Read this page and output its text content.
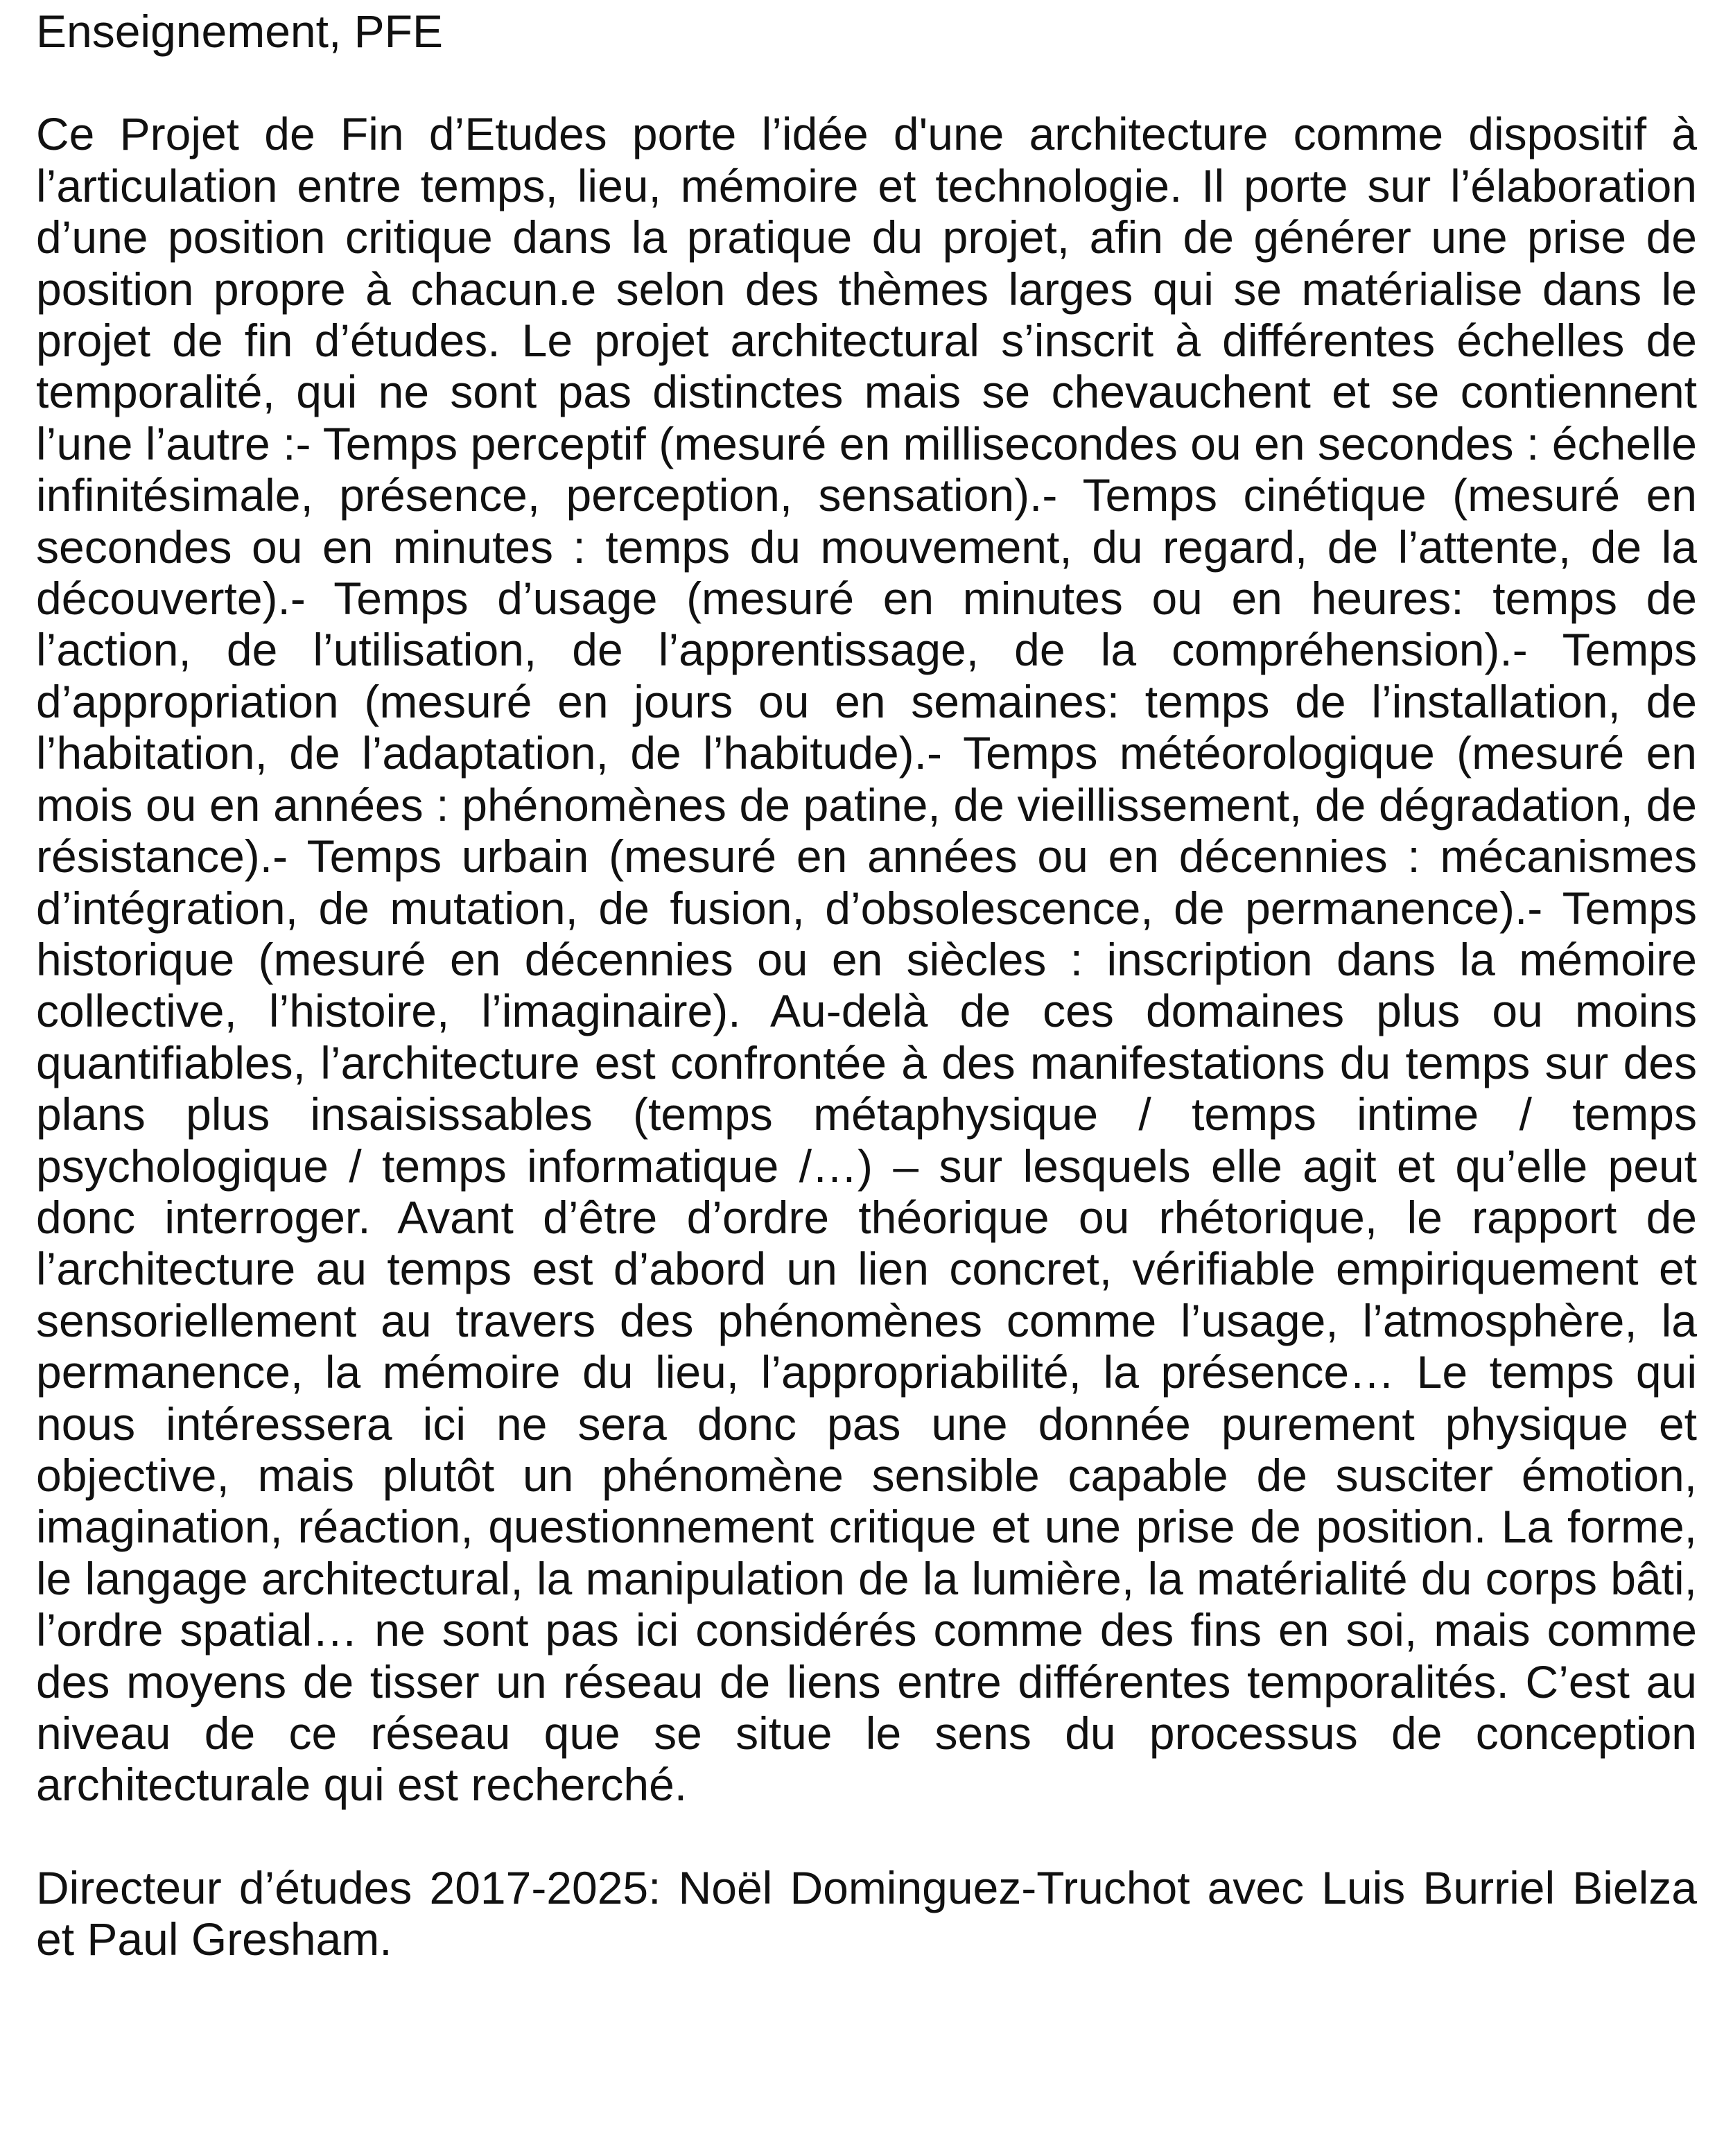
Enseignement, PFE

Ce Projet de Fin d’Etudes porte l’idée d'une architecture comme dispositif à l’articulation entre temps, lieu, mémoire et technologie. Il porte sur l’élaboration d’une position critique dans la pratique du projet, afin de générer une prise de position propre à chacun.e selon des thèmes larges qui se matérialise dans le projet de fin d’études. Le projet architectural s’inscrit à différentes échelles de temporalité, qui ne sont pas distinctes mais se chevauchent et se contiennent l’une l’autre :- Temps perceptif (mesuré en millisecondes ou en secondes : échelle infinitésimale, présence, perception, sensation).- Temps cinétique (mesuré en secondes ou en minutes : temps du mouvement, du regard, de l’attente, de la découverte).- Temps d’usage (mesuré en minutes ou en heures: temps de l’action, de l’utilisation, de l’apprentissage, de la compréhension).- Temps d’appropriation (mesuré en jours ou en semaines: temps de l’installation, de l’habitation, de l’adaptation, de l’habitude).- Temps météorologique (mesuré en mois ou en années : phénomènes de patine, de vieillissement, de dégradation, de résistance).- Temps urbain (mesuré en années ou en décennies : mécanismes d’intégration, de mutation, de fusion, d’obsolescence, de permanence).- Temps historique (mesuré en décennies ou en siècles : inscription dans la mémoire collective, l’histoire, l’imaginaire). Au-delà de ces domaines plus ou moins quantifiables, l’architecture est confrontée à des manifestations du temps sur des plans plus insaisissables (temps métaphysique / temps intime / temps psychologique / temps informatique /…) – sur lesquels elle agit et qu’elle peut donc interroger. Avant d’être d’ordre théorique ou rhétorique, le rapport de l’architecture au temps est d’abord un lien concret, vérifiable empiriquement et sensoriellement au travers des phénomènes comme l’usage, l’atmosphère, la permanence, la mémoire du lieu, l’appropriabilité, la présence… Le temps qui nous intéressera ici ne sera donc pas une donnée purement physique et objective, mais plutôt un phénomène sensible capable de susciter émotion, imagination, réaction, questionnement critique et une prise de position. La forme, le langage architectural, la manipulation de la lumière, la matérialité du corps bâti, l’ordre spatial… ne sont pas ici considérés comme des fins en soi, mais comme des moyens de tisser un réseau de liens entre différentes temporalités. C’est au niveau de ce réseau que se situe le sens du processus de conception architecturale qui est recherché.

Directeur d’études 2017-2025: Noël Dominguez-Truchot avec Luis Burriel Bielza et Paul Gresham.
